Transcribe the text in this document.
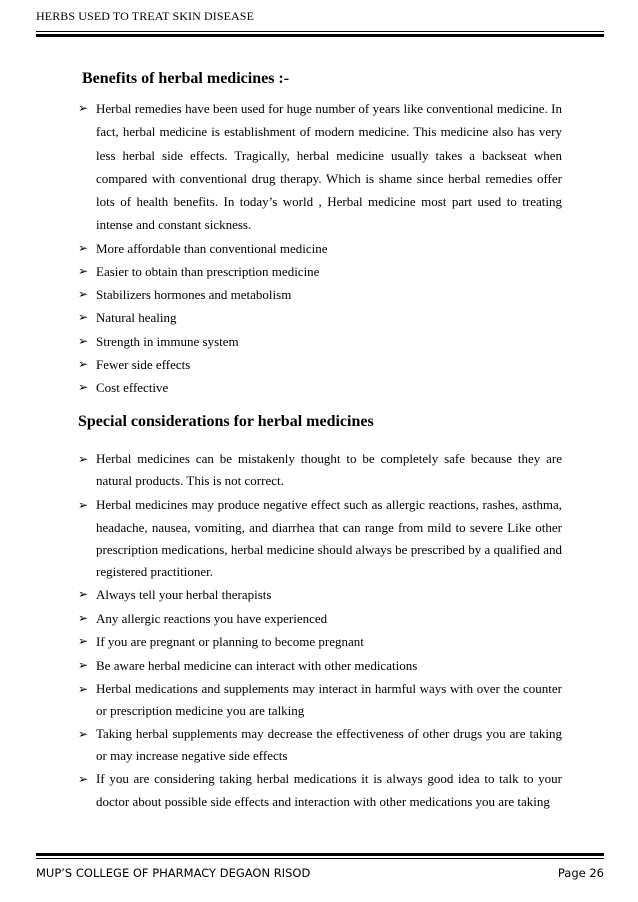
HERBS USED TO TREAT SKIN DISEASE
Benefits of herbal medicines :-
➢ Herbal remedies have been used for huge number of years like conventional medicine. In fact, herbal medicine is establishment of modern medicine. This medicine also has very less herbal side effects. Tragically, herbal medicine usually takes a backseat when compared with conventional drug therapy. Which is shame since herbal remedies offer lots of health benefits. In today’s world , Herbal medicine most part used to treating intense and constant sickness.
➢ More affordable than conventional medicine
➢ Easier to obtain than prescription medicine
➢ Stabilizers hormones and metabolism
➢ Natural healing
➢ Strength in immune system
➢ Fewer side effects
➢ Cost effective
Special considerations for herbal medicines
➢ Herbal medicines can be mistakenly thought to be completely safe because they are natural products. This is not correct.
➢ Herbal medicines may produce negative effect such as allergic reactions, rashes, asthma, headache, nausea, vomiting, and diarrhea that can range from mild to severe Like other prescription medications, herbal medicine should always be prescribed by a qualified and registered practitioner.
➢ Always tell your herbal therapists
➢ Any allergic reactions you have experienced
➢ If you are pregnant or planning to become pregnant
➢ Be aware herbal medicine can interact with other medications
➢ Herbal medications and supplements may interact in harmful ways with over the counter or prescription medicine you are talking
➢ Taking herbal supplements may decrease the effectiveness of other drugs you are taking or may increase negative side effects
➢ If you are considering taking herbal medications it is always good idea to talk to your doctor about possible side effects and interaction with other medications you are taking
MUP’S COLLEGE OF PHARMACY DEGAON RISOD	Page 26
